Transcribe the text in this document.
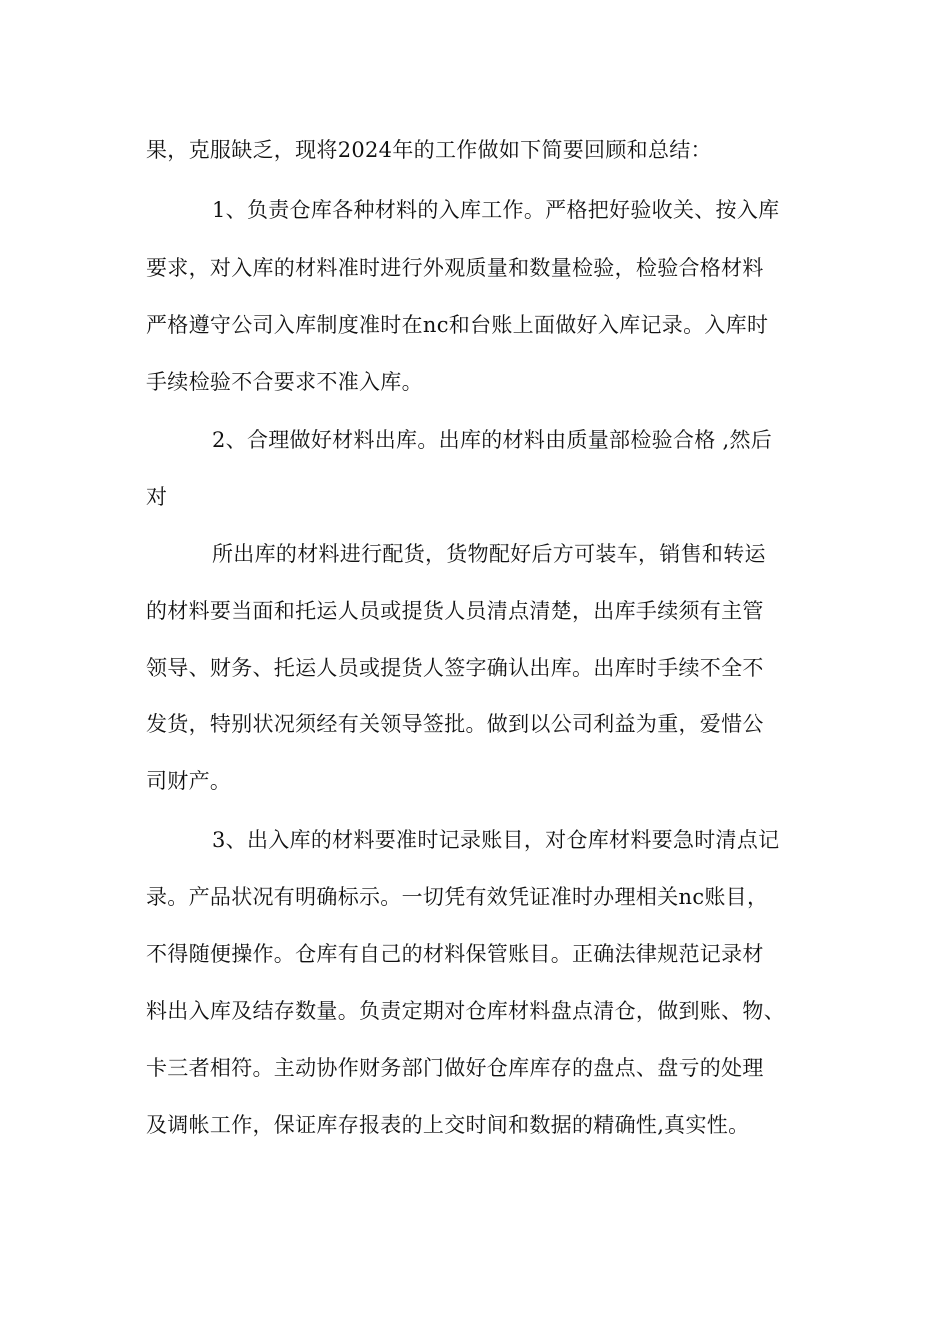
果，克服缺乏，现将2024年的工作做如下简要回顾和总结：
1、负责仓库各种材料的入库工作。严格把好验收关、按入库
要求，对入库的材料准时进行外观质量和数量检验，检验合格材料
严格遵守公司入库制度准时在nc和台账上面做好入库记录。入库时
手续检验不合要求不准入库。
2、合理做好材料出库。出库的材料由质量部检验合格 ,然后
对
所出库的材料进行配货，货物配好后方可装车，销售和转运
的材料要当面和托运人员或提货人员清点清楚，出库手续须有主管
领导、财务、托运人员或提货人签字确认出库。出库时手续不全不
发货，特别状况须经有关领导签批。做到以公司利益为重，爱惜公
司财产。
3、出入库的材料要准时记录账目，对仓库材料要急时清点记
录。产品状况有明确标示。一切凭有效凭证准时办理相关nc账目，
不得随便操作。仓库有自己的材料保管账目。正确法律规范记录材
料出入库及结存数量。负责定期对仓库材料盘点清仓，做到账、物、
卡三者相符。主动协作财务部门做好仓库库存的盘点、盘亏的处理
及调帐工作，保证库存报表的上交时间和数据的精确性,真实性。
